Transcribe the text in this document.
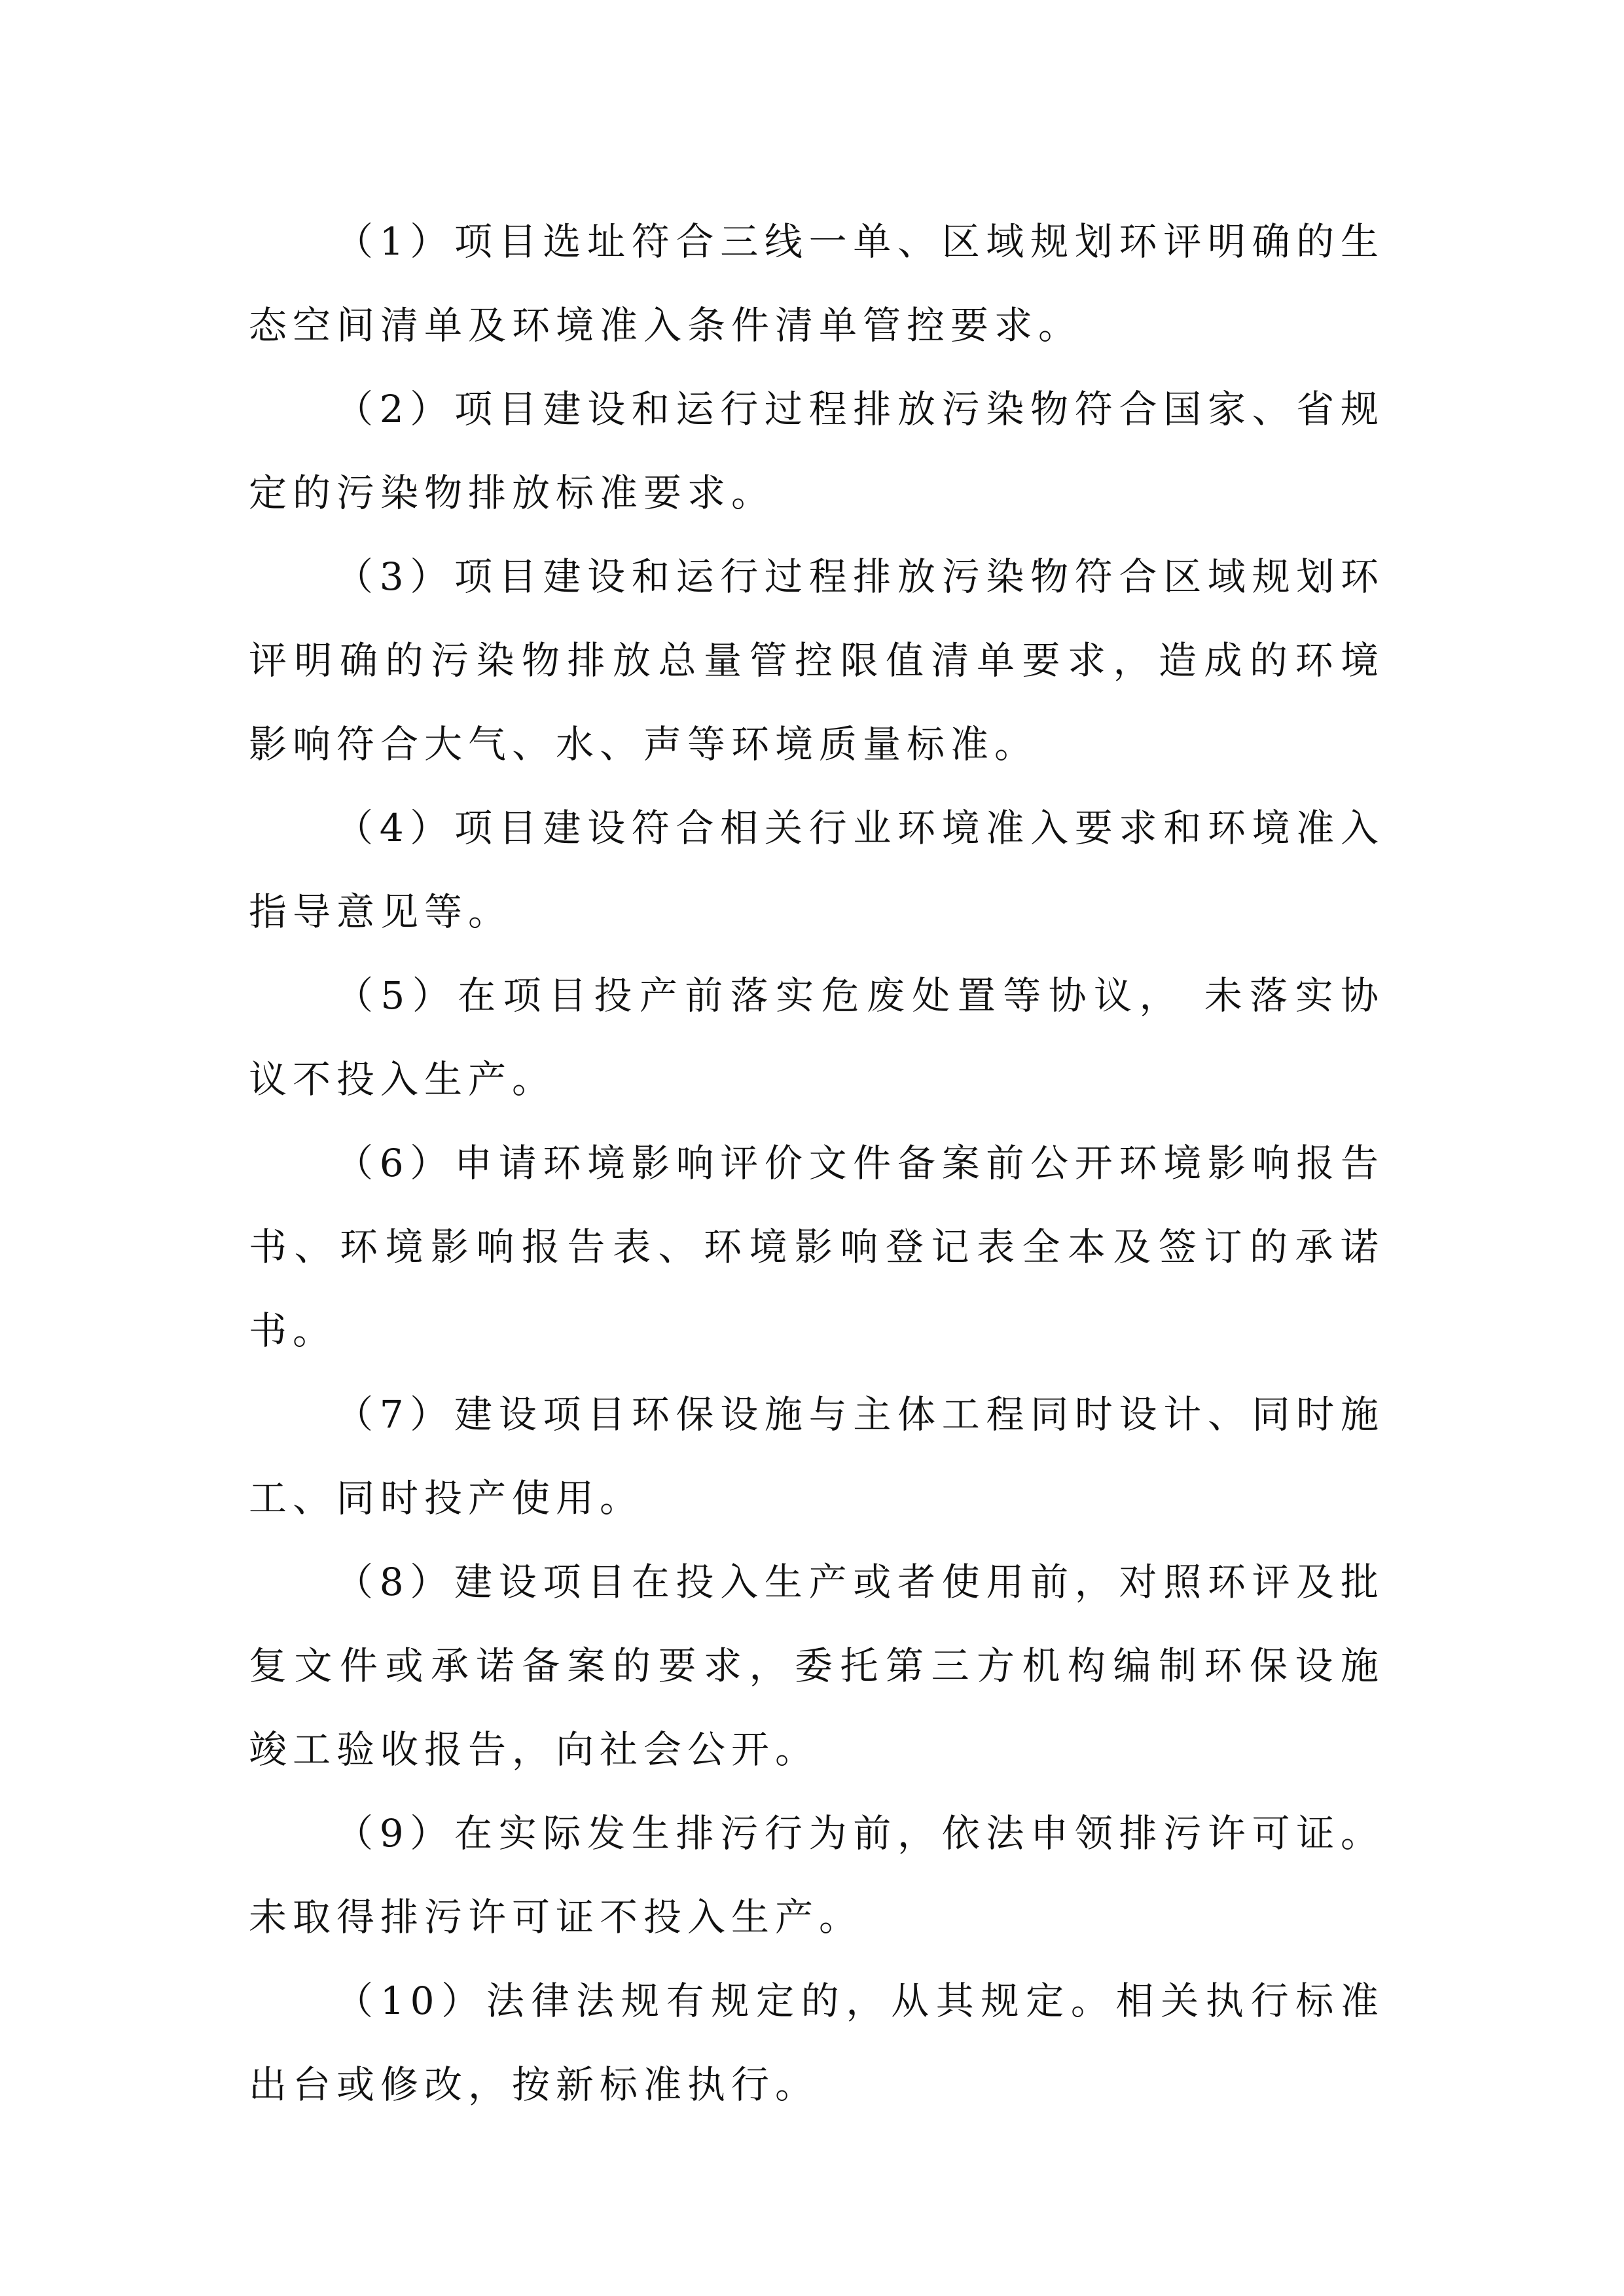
（1）项目选址符合三线一单、区域规划环评明确的生态空间清单及环境准入条件清单管控要求。

（2）项目建设和运行过程排放污染物符合国家、省规定的污染物排放标准要求。

（3）项目建设和运行过程排放污染物符合区域规划环评明确的污染物排放总量管控限值清单要求，造成的环境影响符合大气、水、声等环境质量标准。

（4）项目建设符合相关行业环境准入要求和环境准入指导意见等。

（5）在项目投产前落实危废处置等协议， 未落实协议不投入生产。

（6）申请环境影响评价文件备案前公开环境影响报告书、环境影响报告表、环境影响登记表全本及签订的承诺书。

（7）建设项目环保设施与主体工程同时设计、同时施工、同时投产使用。

（8）建设项目在投入生产或者使用前，对照环评及批复文件或承诺备案的要求，委托第三方机构编制环保设施竣工验收报告，向社会公开。

（9）在实际发生排污行为前，依法申领排污许可证。未取得排污许可证不投入生产。

（10）法律法规有规定的，从其规定。相关执行标准出台或修改，按新标准执行。
